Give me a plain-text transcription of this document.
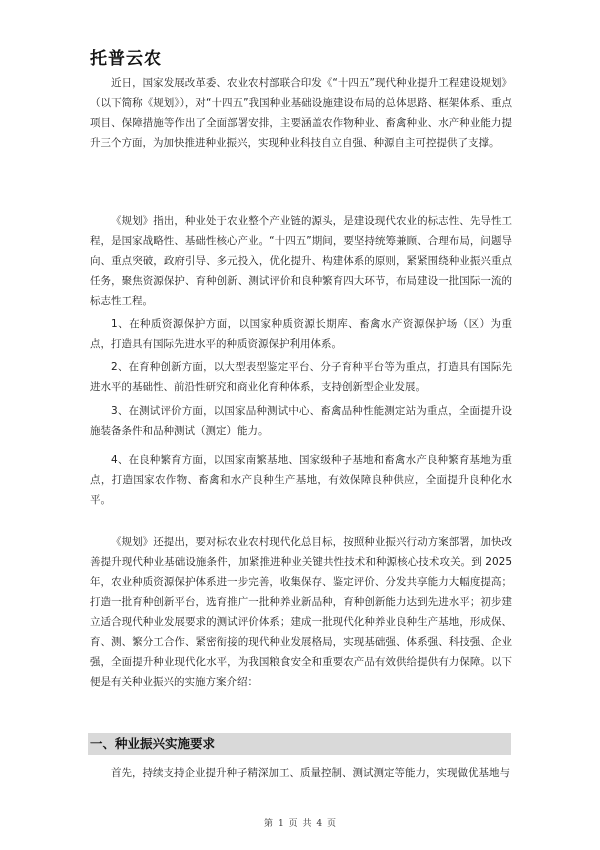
托普云农

近日，国家发展改革委、农业农村部联合印发《“十四五”现代种业提升工程建设规划》（以下简称《规划》），对“十四五”我国种业基础设施建设布局的总体思路、框架体系、重点项目、保障措施等作出了全面部署安排，主要涵盖农作物种业、畜禽种业、水产种业能力提升三个方面，为加快推进种业振兴，实现种业科技自立自强、种源自主可控提供了支撑。

《规划》指出，种业处于农业整个产业链的源头，是建设现代农业的标志性、先导性工程，是国家战略性、基础性核心产业。“十四五”期间，要坚持统筹兼顾、合理布局，问题导向、重点突破，政府引导、多元投入，优化提升、构建体系的原则，紧紧围绕种业振兴重点任务，聚焦资源保护、育种创新、测试评价和良种繁育四大环节，布局建设一批国际一流的标志性工程。

1、在种质资源保护方面，以国家种质资源长期库、畜禽水产资源保护场（区）为重点，打造具有国际先进水平的种质资源保护利用体系。

2、在育种创新方面，以大型表型鉴定平台、分子育种平台等为重点，打造具有国际先进水平的基础性、前沿性研究和商业化育种体系，支持创新型企业发展。

3、在测试评价方面，以国家品种测试中心、畜禽品种性能测定站为重点，全面提升设施装备条件和品种测试（测定）能力。

4、在良种繁育方面，以国家南繁基地、国家级种子基地和畜禽水产良种繁育基地为重点，打造国家农作物、畜禽和水产良种生产基地，有效保障良种供应，全面提升良种化水平。

《规划》还提出，要对标农业农村现代化总目标，按照种业振兴行动方案部署，加快改善提升现代种业基础设施条件，加紧推进种业关键共性技术和种源核心技术攻关。到 2025 年，农业种质资源保护体系进一步完善，收集保存、鉴定评价、分发共享能力大幅度提高；打造一批育种创新平台，选育推广一批种养业新品种，育种创新能力达到先进水平；初步建立适合现代种业发展要求的测试评价体系；建成一批现代化种养业良种生产基地，形成保、育、测、繁分工合作、紧密衔接的现代种业发展格局，实现基础强、体系强、科技强、企业强，全面提升种业现代化水平，为我国粮食安全和重要农产品有效供给提供有力保障。以下便是有关种业振兴的实施方案介绍：

一、种业振兴实施要求

首先，持续支持企业提升种子精深加工、质量控制、测试测定等能力，实现做优基地与

第 1 页 共 4 页
